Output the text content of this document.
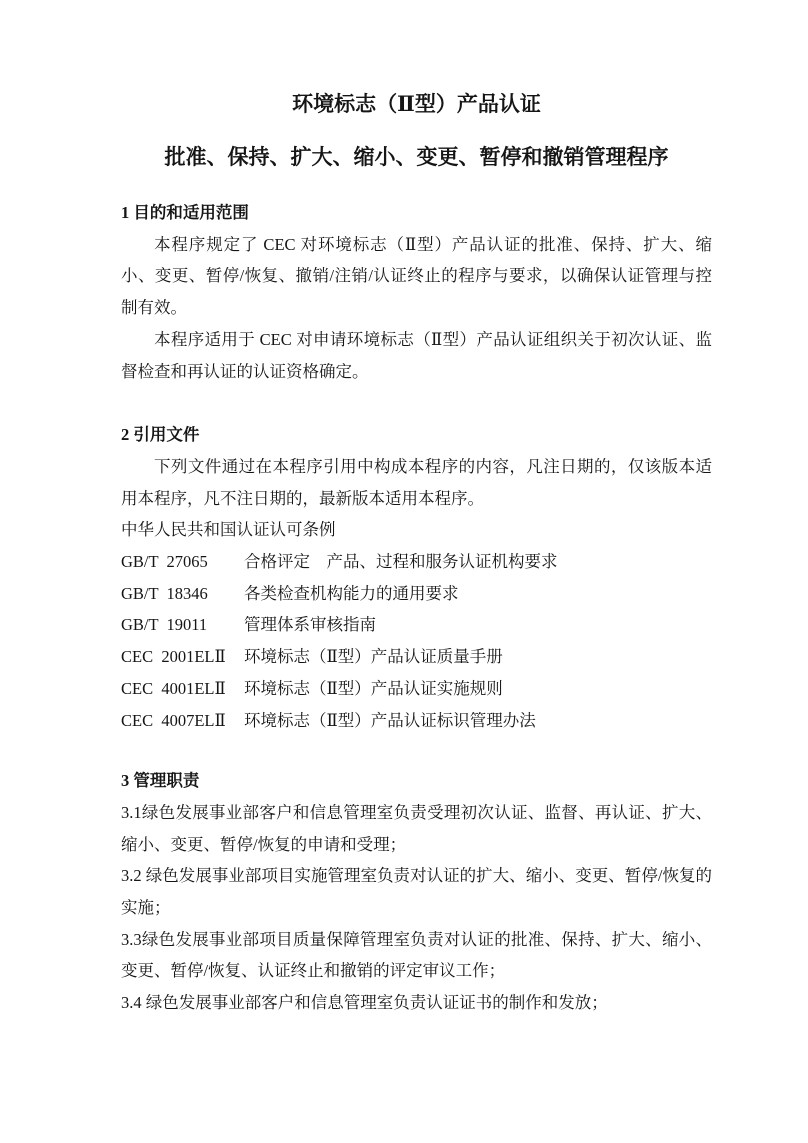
环境标志（Ⅱ型）产品认证
批准、保持、扩大、缩小、变更、暂停和撤销管理程序
1 目的和适用范围

本程序规定了 CEC 对环境标志（Ⅱ型）产品认证的批准、保持、扩大、缩小、变更、暂停/恢复、撤销/注销/认证终止的程序与要求，以确保认证管理与控制有效。

本程序适用于 CEC 对申请环境标志（Ⅱ型）产品认证组织关于初次认证、监督检查和再认证的认证资格确定。

2 引用文件

下列文件通过在本程序引用中构成本程序的内容，凡注日期的，仅该版本适用本程序，凡不注日期的，最新版本适用本程序。

中华人民共和国认证认可条例

GB/T  27065	合格评定　产品、过程和服务认证机构要求
GB/T  18346	各类检查机构能力的通用要求
GB/T  19011	管理体系审核指南
CEC  2001ELⅡ	环境标志（Ⅱ型）产品认证质量手册
CEC  4001ELⅡ	环境标志（Ⅱ型）产品认证实施规则
CEC  4007ELⅡ	环境标志（Ⅱ型）产品认证标识管理办法
3 管理职责

3.1绿色发展事业部客户和信息管理室负责受理初次认证、监督、再认证、扩大、缩小、变更、暂停/恢复的申请和受理；

3.2 绿色发展事业部项目实施管理室负责对认证的扩大、缩小、变更、暂停/恢复的实施；

3.3绿色发展事业部项目质量保障管理室负责对认证的批准、保持、扩大、缩小、变更、暂停/恢复、认证终止和撤销的评定审议工作；

3.4 绿色发展事业部客户和信息管理室负责认证证书的制作和发放；
